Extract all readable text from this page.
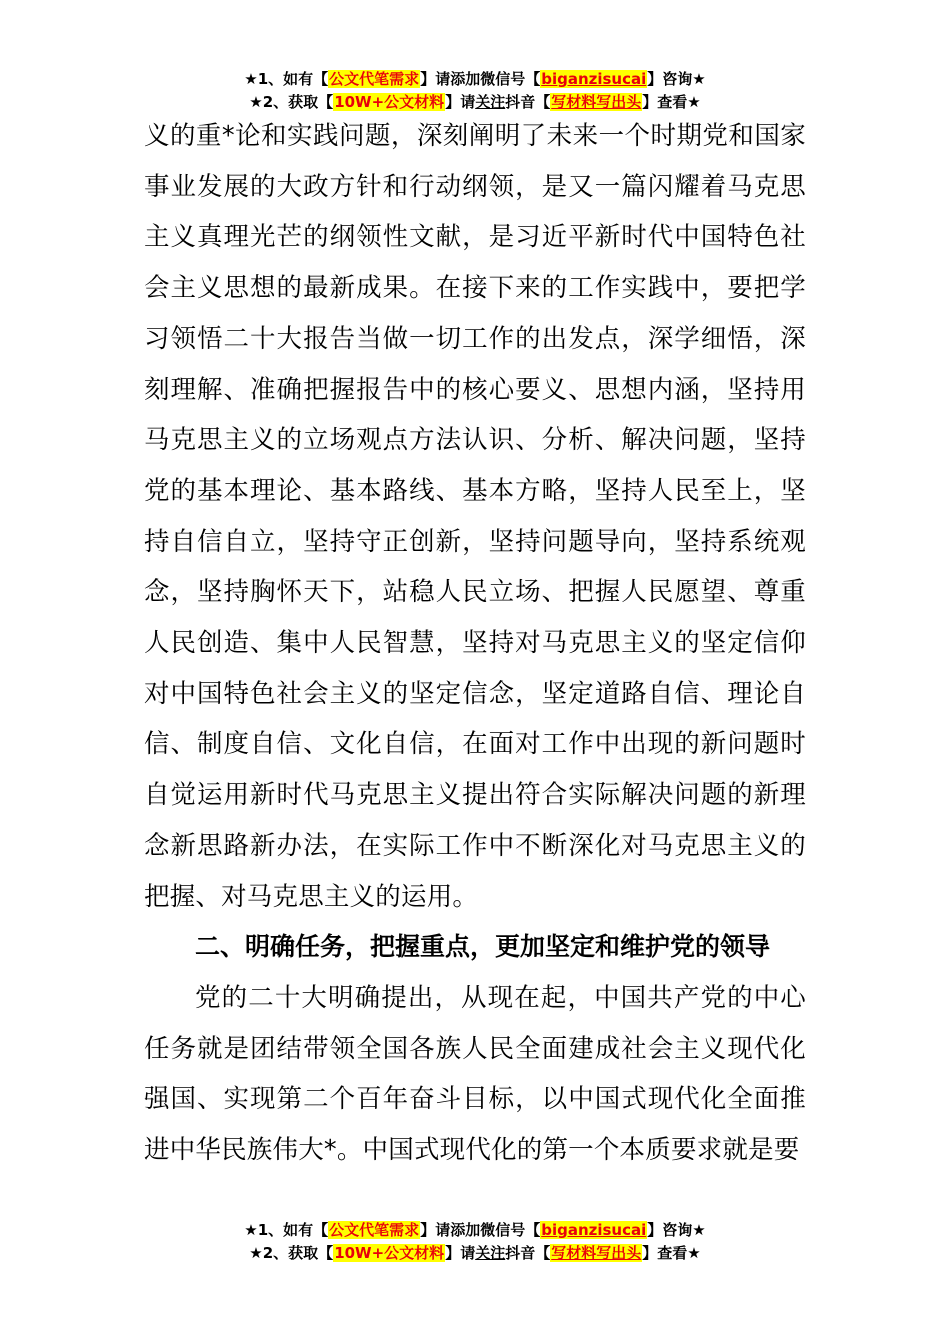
★1、如有【公文代笔需求】请添加微信号【biganzisucai】咨询★
★2、获取【10W+公文材料】请关注抖音【写材料写出头】查看★

义的重*论和实践问题，深刻阐明了未来一个时期党和国家事业发展的大政方针和行动纲领，是又一篇闪耀着马克思主义真理光芒的纲领性文献，是习近平新时代中国特色社会主义思想的最新成果。在接下来的工作实践中，要把学习领悟二十大报告当做一切工作的出发点，深学细悟，深刻理解、准确把握报告中的核心要义、思想内涵，坚持用马克思主义的立场观点方法认识、分析、解决问题，坚持党的基本理论、基本路线、基本方略，坚持人民至上，坚持自信自立，坚持守正创新，坚持问题导向，坚持系统观念，坚持胸怀天下，站稳人民立场、把握人民愿望、尊重人民创造、集中人民智慧，坚持对马克思主义的坚定信仰对中国特色社会主义的坚定信念，坚定道路自信、理论自信、制度自信、文化自信，在面对工作中出现的新问题时自觉运用新时代马克思主义提出符合实际解决问题的新理念新思路新办法，在实际工作中不断深化对马克思主义的把握、对马克思主义的运用。

二、明确任务，把握重点，更加坚定和维护党的领导

党的二十大明确提出，从现在起，中国共产党的中心任务就是团结带领全国各族人民全面建成社会主义现代化强国、实现第二个百年奋斗目标，以中国式现代化全面推进中华民族伟大*。中国式现代化的第一个本质要求就是要

★1、如有【公文代笔需求】请添加微信号【biganzisucai】咨询★
★2、获取【10W+公文材料】请关注抖音【写材料写出头】查看★
